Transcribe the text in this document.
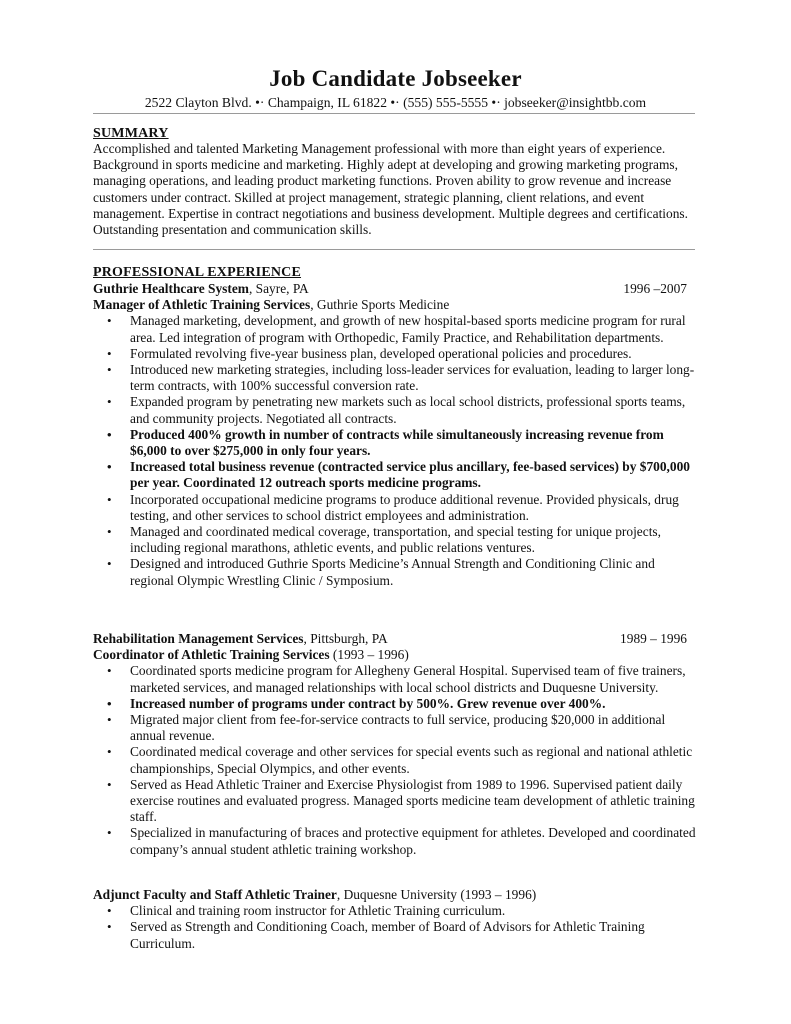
Job Candidate Jobseeker
2522 Clayton Blvd. •· Champaign, IL 61822 •· (555) 555-5555 •· jobseeker@insightbb.com
SUMMARY
Accomplished and talented Marketing Management professional with more than eight years of experience. Background in sports medicine and marketing. Highly adept at developing and growing marketing programs, managing operations, and leading product marketing functions. Proven ability to grow revenue and increase customers under contract. Skilled at project management, strategic planning, client relations, and event management. Expertise in contract negotiations and business development. Multiple degrees and certifications. Outstanding presentation and communication skills.
PROFESSIONAL EXPERIENCE
Guthrie Healthcare System, Sayre, PA	1996 –2007
Manager of Athletic Training Services, Guthrie Sports Medicine
• Managed marketing, development, and growth of new hospital-based sports medicine program for rural area. Led integration of program with Orthopedic, Family Practice, and Rehabilitation departments.
• Formulated revolving five-year business plan, developed operational policies and procedures.
• Introduced new marketing strategies, including loss-leader services for evaluation, leading to larger long-term contracts, with 100% successful conversion rate.
• Expanded program by penetrating new markets such as local school districts, professional sports teams, and community projects. Negotiated all contracts.
• Produced 400% growth in number of contracts while simultaneously increasing revenue from $6,000 to over $275,000 in only four years.
• Increased total business revenue (contracted service plus ancillary, fee-based services) by $700,000 per year. Coordinated 12 outreach sports medicine programs.
• Incorporated occupational medicine programs to produce additional revenue. Provided physicals, drug testing, and other services to school district employees and administration.
• Managed and coordinated medical coverage, transportation, and special testing for unique projects, including regional marathons, athletic events, and public relations ventures.
• Designed and introduced Guthrie Sports Medicine’s Annual Strength and Conditioning Clinic and regional Olympic Wrestling Clinic / Symposium.
Rehabilitation Management Services, Pittsburgh, PA	1989 – 1996
Coordinator of Athletic Training Services (1993 – 1996)
• Coordinated sports medicine program for Allegheny General Hospital. Supervised team of five trainers, marketed services, and managed relationships with local school districts and Duquesne University.
• Increased number of programs under contract by 500%. Grew revenue over 400%.
• Migrated major client from fee-for-service contracts to full service, producing $20,000 in additional annual revenue.
• Coordinated medical coverage and other services for special events such as regional and national athletic championships, Special Olympics, and other events.
• Served as Head Athletic Trainer and Exercise Physiologist from 1989 to 1996. Supervised patient daily exercise routines and evaluated progress. Managed sports medicine team development of athletic training staff.
• Specialized in manufacturing of braces and protective equipment for athletes. Developed and coordinated company’s annual student athletic training workshop.
Adjunct Faculty and Staff Athletic Trainer, Duquesne University (1993 – 1996)
• Clinical and training room instructor for Athletic Training curriculum.
• Served as Strength and Conditioning Coach, member of Board of Advisors for Athletic Training Curriculum.
